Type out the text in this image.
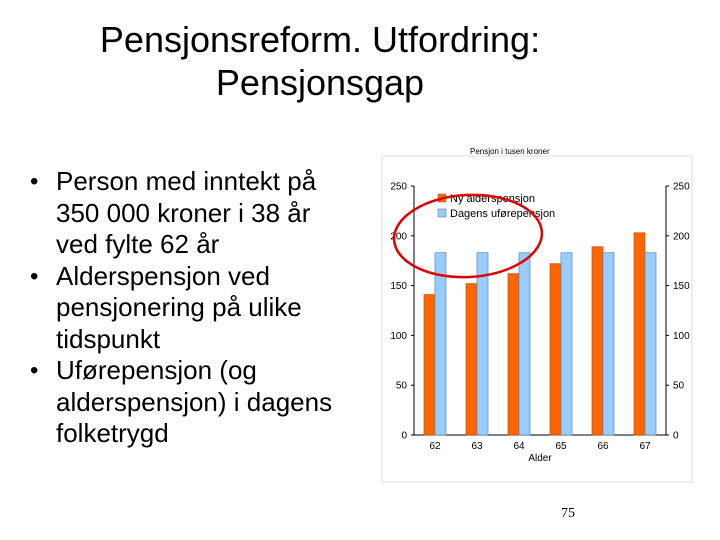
Pensjonsreform. Utfordring:
Pensjonsgap
• Person med inntekt på 350 000 kroner i 38 år ved fylte 62 år
• Alderspensjon ved pensjonering på ulike tidspunkt
• Uførepensjon (og alderspensjon) i dagens folketrygd
Pensjon i tusen kroner
0	0
50	50
100	100
150	150
200	200
250	250
62	63	64	65	66	67
Alder
Ny alderspensjon
Dagens uførepensjon
75
